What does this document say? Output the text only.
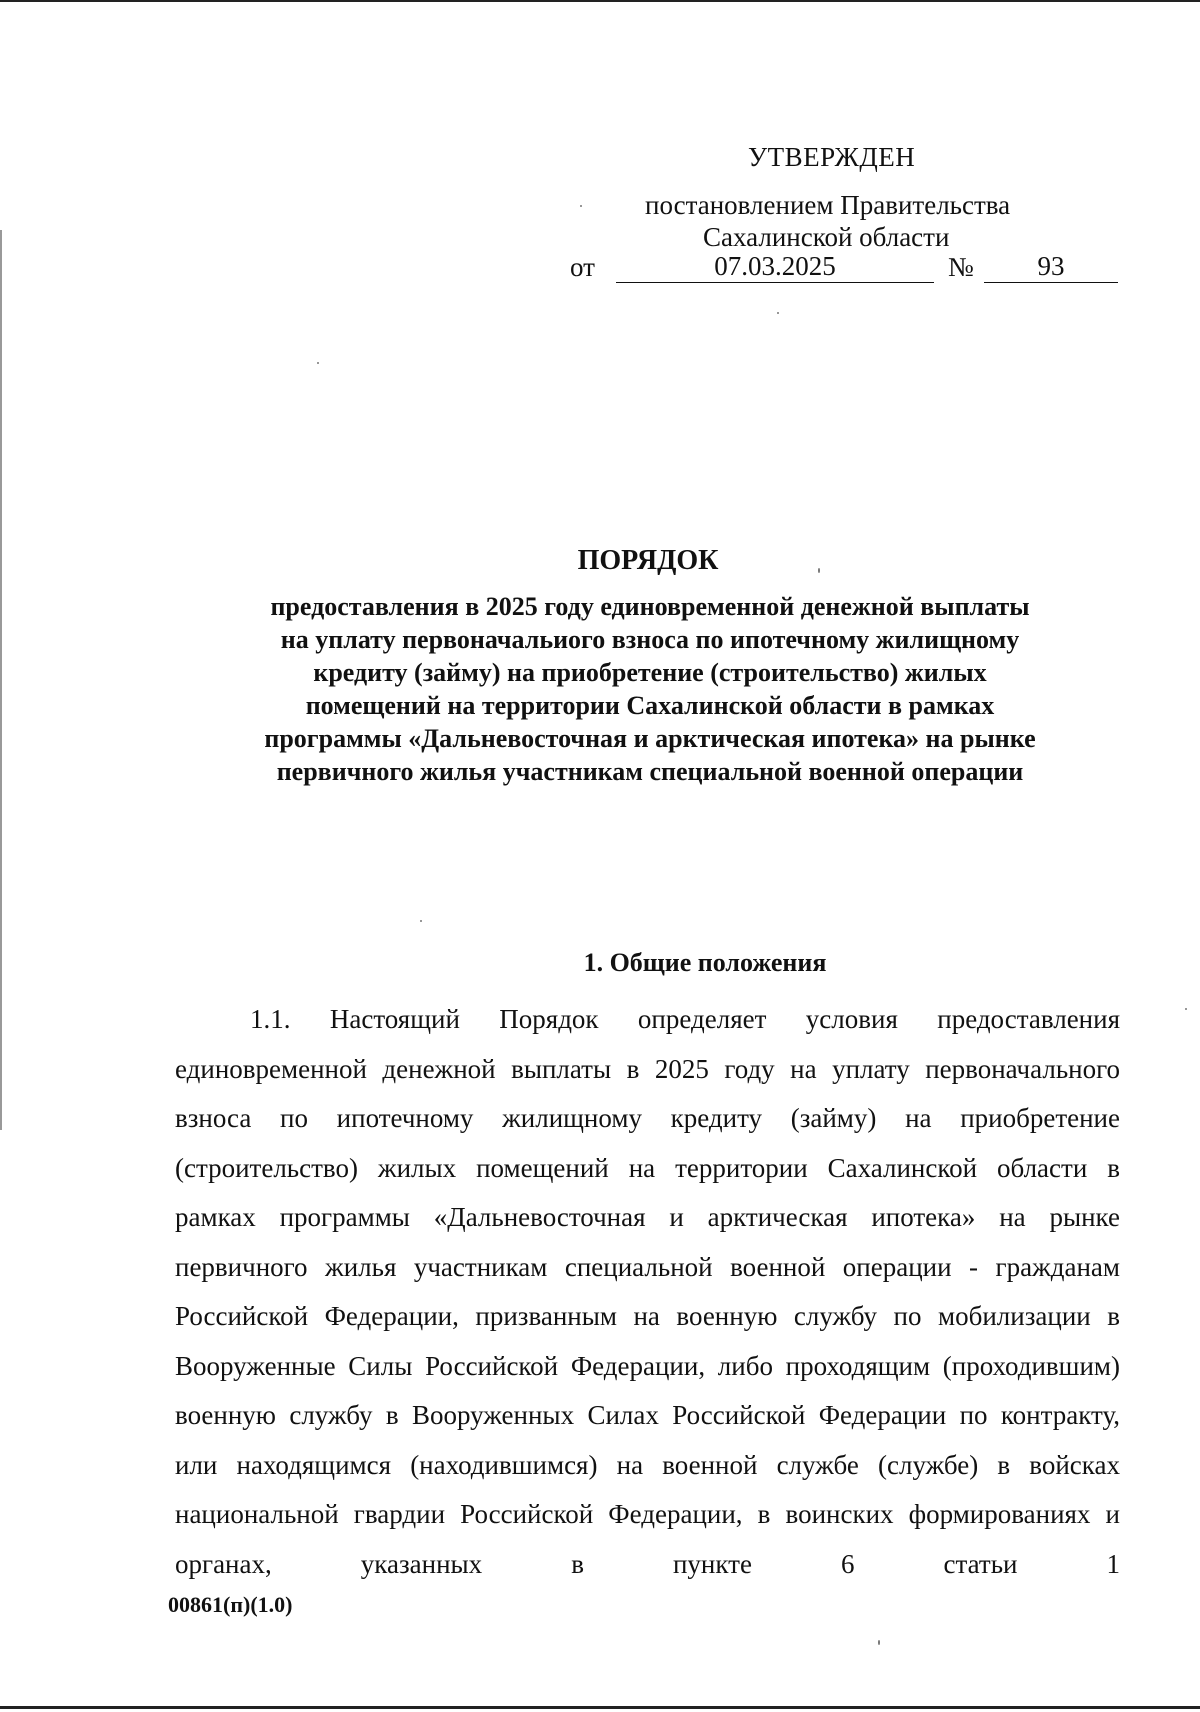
УТВЕРЖДЕН
постановлением Правительства
Сахалинской области
от	07.03.2025	№	93
ПОРЯДОК
предоставления в 2025 году единовременной денежной выплаты на уплату первоначальиого взноса по ипотечному жилищному кредиту (займу) на приобретение (строительство) жилых помещений на территории Сахалинской области в рамках программы «Дальневосточная и арктическая ипотека» на рынке первичного жилья участникам специальной военной операции
1. Общие положения
1.1. Настоящий Порядок определяет условия предоставления единовременной денежной выплаты в 2025 году на уплату первоначального взноса по ипотечному жилищному кредиту (займу) на приобретение (строительство) жилых помещений на территории Сахалинской области в рамках программы «Дальневосточная и арктическая ипотека» на рынке первичного жилья участникам специальной военной операции - гражданам Российской Федерации, призванным на военную службу по мобилизации в Вооруженные Силы Российской Федерации, либо проходящим (проходившим) военную службу в Вооруженных Силах Российской Федерации по контракту, или находящимся (находившимся) на военной службе (службе) в войсках национальной гвардии Российской Федерации, в воинских формированиях и органах, указанных в пункте 6 статьи 1
00861(п)(1.0)
